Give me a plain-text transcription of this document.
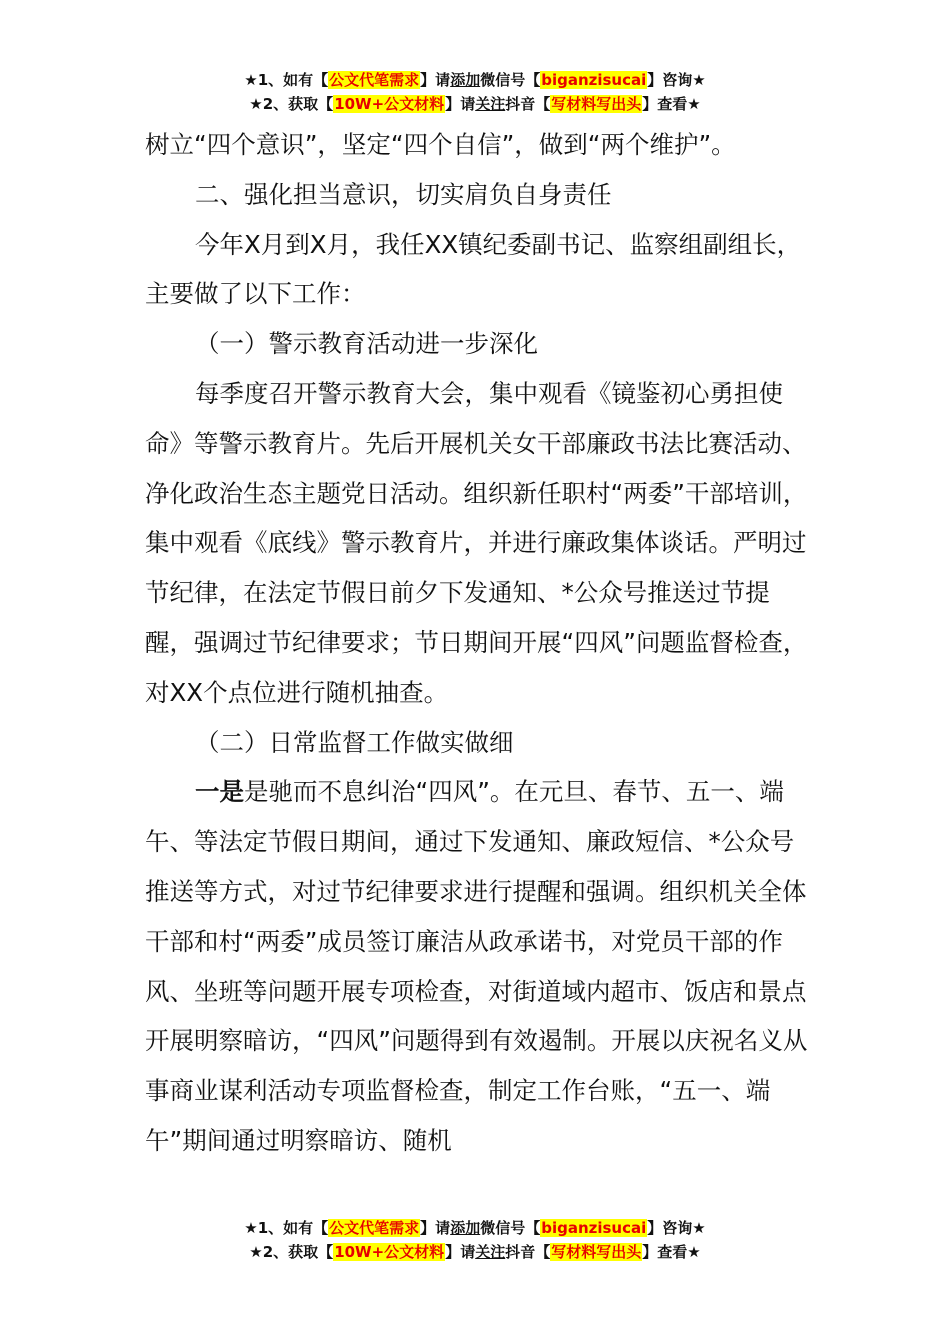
★1、如有【公文代笔需求】请添加微信号【biganzisucai】咨询★
★2、获取【10W+公文材料】请关注抖音【写材料写出头】查看★

树立“四个意识”，坚定“四个自信”，做到“两个维护”。

二、强化担当意识，切实肩负自身责任

今年X月到X月，我任XX镇纪委副书记、监察组副组长，主要做了以下工作：

（一）警示教育活动进一步深化

每季度召开警示教育大会，集中观看《镜鉴初心勇担使命》等警示教育片。先后开展机关女干部廉政书法比赛活动、净化政治生态主题党日活动。组织新任职村“两委”干部培训，集中观看《底线》警示教育片，并进行廉政集体谈话。严明过节纪律，在法定节假日前夕下发通知、*公众号推送过节提醒，强调过节纪律要求；节日期间开展“四风”问题监督检查，对XX个点位进行随机抽查。

（二）日常监督工作做实做细

一是是驰而不息纠治“四风”。在元旦、春节、五一、端午、等法定节假日期间，通过下发通知、廉政短信、*公众号推送等方式，对过节纪律要求进行提醒和强调。组织机关全体干部和村“两委”成员签订廉洁从政承诺书，对党员干部的作风、坐班等问题开展专项检查，对街道域内超市、饭店和景点开展明察暗访，“四风”问题得到有效遏制。开展以庆祝名义从事商业谋利活动专项监督检查，制定工作台账，“五一、端午”期间通过明察暗访、随机

★1、如有【公文代笔需求】请添加微信号【biganzisucai】咨询★
★2、获取【10W+公文材料】请关注抖音【写材料写出头】查看★
